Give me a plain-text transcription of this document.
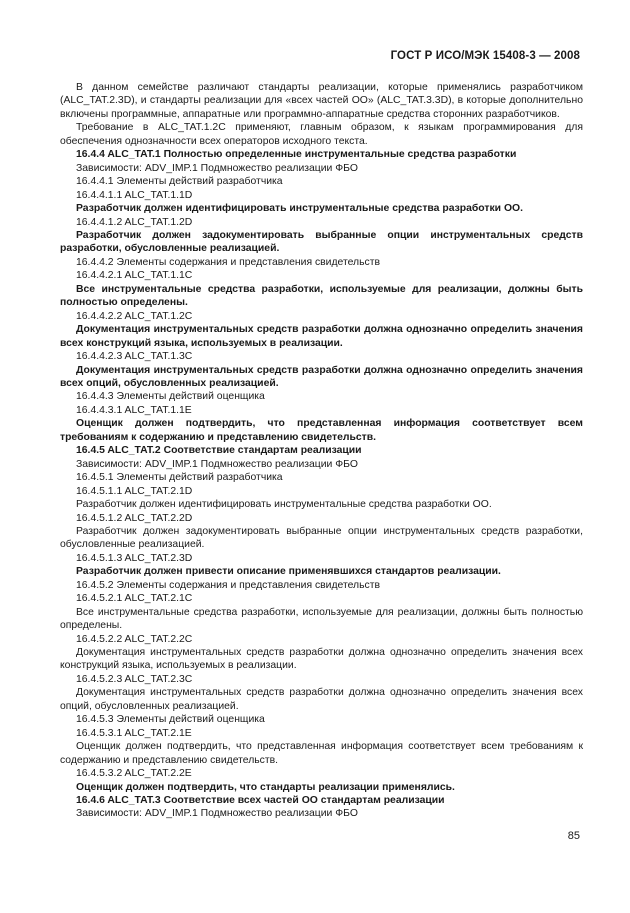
ГОСТ Р ИСО/МЭК 15408-3 — 2008

В данном семействе различают стандарты реализации, которые применялись разработчиком (ALC_TAT.2.3D), и стандарты реализации для «всех частей ОО» (ALC_TAT.3.3D), в которые дополнительно включены программные, аппаратные или программно-аппаратные средства сторонних разработчиков.

Требование в ALC_TAT.1.2C применяют, главным образом, к языкам программирования для обеспечения однозначности всех операторов исходного текста.

16.4.4 ALC_TAT.1 Полностью определенные инструментальные средства разработки

Зависимости: ADV_IMP.1 Подмножество реализации ФБО

16.4.4.1 Элементы действий разработчика

16.4.4.1.1 ALC_TAT.1.1D

Разработчик должен идентифицировать инструментальные средства разработки ОО.

16.4.4.1.2 ALC_TAT.1.2D

Разработчик должен задокументировать выбранные опции инструментальных средств разработки, обусловленные реализацией.

16.4.4.2 Элементы содержания и представления свидетельств

16.4.4.2.1 ALC_TAT.1.1C

Все инструментальные средства разработки, используемые для реализации, должны быть полностью определены.

16.4.4.2.2 ALC_TAT.1.2C

Документация инструментальных средств разработки должна однозначно определить значения всех конструкций языка, используемых в реализации.

16.4.4.2.3 ALC_TAT.1.3C

Документация инструментальных средств разработки должна однозначно определить значения всех опций, обусловленных реализацией.

16.4.4.3 Элементы действий оценщика

16.4.4.3.1 ALC_TAT.1.1E

Оценщик должен подтвердить, что представленная информация соответствует всем требованиям к содержанию и представлению свидетельств.

16.4.5 ALC_TAT.2 Соответствие стандартам реализации

Зависимости: ADV_IMP.1 Подмножество реализации ФБО

16.4.5.1 Элементы действий разработчика

16.4.5.1.1 ALC_TAT.2.1D

Разработчик должен идентифицировать инструментальные средства разработки ОО.

16.4.5.1.2 ALC_TAT.2.2D

Разработчик должен задокументировать выбранные опции инструментальных средств разработки, обусловленные реализацией.

16.4.5.1.3 ALC_TAT.2.3D

Разработчик должен привести описание применявшихся стандартов реализации.

16.4.5.2 Элементы содержания и представления свидетельств

16.4.5.2.1 ALC_TAT.2.1C

Все инструментальные средства разработки, используемые для реализации, должны быть полностью определены.

16.4.5.2.2 ALC_TAT.2.2C

Документация инструментальных средств разработки должна однозначно определить значения всех конструкций языка, используемых в реализации.

16.4.5.2.3 ALC_TAT.2.3C

Документация инструментальных средств разработки должна однозначно определить значения всех опций, обусловленных реализацией.

16.4.5.3 Элементы действий оценщика

16.4.5.3.1 ALC_TAT.2.1E

Оценщик должен подтвердить, что представленная информация соответствует всем требованиям к содержанию и представлению свидетельств.

16.4.5.3.2 ALC_TAT.2.2E

Оценщик должен подтвердить, что стандарты реализации применялись.

16.4.6 ALC_TAT.3 Соответствие всех частей ОО стандартам реализации

Зависимости: ADV_IMP.1 Подмножество реализации ФБО

85
